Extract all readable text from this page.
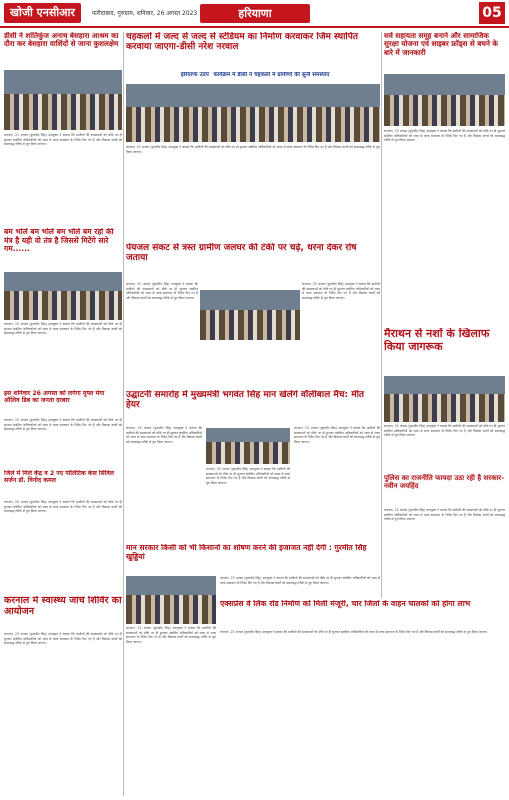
खोजी एनसीआर	फरीदाबाद, गुरुग्राम, शनिवार, 26 अगस्त 2023	हरियाणा	05
डीसी ने शांतिकुंज अनाथ बेसहारा आश्रम का दौरा कर बेसहारा वाशिंदों से जाना कुशलक्षेम
करनाल, 25 अगस्त (कुलदीप सिंह) उपायुक्त ने बताया कि ग्रामीणों की समस्याओं को मौके पर ही सुनकर संबंधित अधिकारियों को जल्द से जल्द समाधान के निर्देश दिए गए हैं और विकास कार्यों को समयबद्ध तरीके से पूरा किया जाएगा।
चहकलों में जल्द से जल्द से स्टेडियम का निर्माण करवाकर जिम स्थापित करवाया जाएगा-डीसी नरेश नरवाल
हरियाणा उदय` कार्यक्रम में डीसी ने चहकलों में ग्रामीणों की सुनी समस्याएं
करनाल, 25 अगस्त (कुलदीप सिंह) उपायुक्त ने बताया कि ग्रामीणों की समस्याओं को मौके पर ही सुनकर संबंधित अधिकारियों को जल्द से जल्द समाधान के निर्देश दिए गए हैं और विकास कार्यों को समयबद्ध तरीके से पूरा किया जाएगा।
सर्व सहायता समूह बनाने और सामाजिक सुरक्षा योजना एवं साइबर फ्रॉड्स से बचने के बारे में जानकारी
करनाल, 25 अगस्त (कुलदीप सिंह) उपायुक्त ने बताया कि ग्रामीणों की समस्याओं को मौके पर ही सुनकर संबंधित अधिकारियों को जल्द से जल्द समाधान के निर्देश दिए गए हैं और विकास कार्यों को समयबद्ध तरीके से पूरा किया जाएगा।
बम भोले बम भोले बम भोले बम रहो की मंत्र है यही वो तंत्र है जिससे मिटेंगे सारे गम......
करनाल, 25 अगस्त (कुलदीप सिंह) उपायुक्त ने बताया कि ग्रामीणों की समस्याओं को मौके पर ही सुनकर संबंधित अधिकारियों को जल्द से जल्द समाधान के निर्देश दिए गए हैं और विकास कार्यों को समयबद्ध तरीके से पूरा किया जाएगा।
पेयजल संकट से त्रस्त ग्रामीण जलघर की टंकी पर चढ़े, धरना देकर रोष जताया
करनाल, 25 अगस्त (कुलदीप सिंह) उपायुक्त ने बताया कि ग्रामीणों की समस्याओं को मौके पर ही सुनकर संबंधित अधिकारियों को जल्द से जल्द समाधान के निर्देश दिए गए हैं और विकास कार्यों को समयबद्ध तरीके से पूरा किया जाएगा।
करनाल, 25 अगस्त (कुलदीप सिंह) उपायुक्त ने बताया कि ग्रामीणों की समस्याओं को मौके पर ही सुनकर संबंधित अधिकारियों को जल्द से जल्द समाधान के निर्देश दिए गए हैं और विकास कार्यों को समयबद्ध तरीके से पूरा किया जाएगा।
मैराथन से नशों के खिलाफ किया जागरूक
करनाल, 25 अगस्त (कुलदीप सिंह) उपायुक्त ने बताया कि ग्रामीणों की समस्याओं को मौके पर ही सुनकर संबंधित अधिकारियों को जल्द से जल्द समाधान के निर्देश दिए गए हैं और विकास कार्यों को समयबद्ध तरीके से पूरा किया जाएगा।
इस शनिवार 26 अगस्त को लगेगा मुफ्त मेगा ऑलिव डिब का जनता दरबार
करनाल, 25 अगस्त (कुलदीप सिंह) उपायुक्त ने बताया कि ग्रामीणों की समस्याओं को मौके पर ही सुनकर संबंधित अधिकारियों को जल्द से जल्द समाधान के निर्देश दिए गए हैं और विकास कार्यों को समयबद्ध तरीके से पूरा किया जाएगा।
उद्घाटनी समारोह में मुख्यमंत्री भगवंत सिंह मान खेलेंगे वॉलीबाल मैच: मीत हेयर
करनाल, 25 अगस्त (कुलदीप सिंह) उपायुक्त ने बताया कि ग्रामीणों की समस्याओं को मौके पर ही सुनकर संबंधित अधिकारियों को जल्द से जल्द समाधान के निर्देश दिए गए हैं और विकास कार्यों को समयबद्ध तरीके से पूरा किया जाएगा।
करनाल, 25 अगस्त (कुलदीप सिंह) उपायुक्त ने बताया कि ग्रामीणों की समस्याओं को मौके पर ही सुनकर संबंधित अधिकारियों को जल्द से जल्द समाधान के निर्देश दिए गए हैं और विकास कार्यों को समयबद्ध तरीके से पूरा किया जाएगा।
करनाल, 25 अगस्त (कुलदीप सिंह) उपायुक्त ने बताया कि ग्रामीणों की समस्याओं को मौके पर ही सुनकर संबंधित अधिकारियों को जल्द से जल्द समाधान के निर्देश दिए गए हैं और विकास कार्यों को समयबद्ध तरीके से पूरा किया जाएगा।
पुलिस का राजनीति फायदा उठा रही है सरकार-नवीन जयहिंद
करनाल, 25 अगस्त (कुलदीप सिंह) उपायुक्त ने बताया कि ग्रामीणों की समस्याओं को मौके पर ही सुनकर संबंधित अधिकारियों को जल्द से जल्द समाधान के निर्देश दिए गए हैं और विकास कार्यों को समयबद्ध तरीके से पूरा किया जाएगा।
जिले में मिले केंद्र व 2 नए पोलिटिक केस सिविल सर्जन डॉ. विनोद कमल
करनाल, 25 अगस्त (कुलदीप सिंह) उपायुक्त ने बताया कि ग्रामीणों की समस्याओं को मौके पर ही सुनकर संबंधित अधिकारियों को जल्द से जल्द समाधान के निर्देश दिए गए हैं और विकास कार्यों को समयबद्ध तरीके से पूरा किया जाएगा।
करनाल में स्वास्थ्य जांच शिविर का आयोजन
करनाल, 25 अगस्त (कुलदीप सिंह) उपायुक्त ने बताया कि ग्रामीणों की समस्याओं को मौके पर ही सुनकर संबंधित अधिकारियों को जल्द से जल्द समाधान के निर्देश दिए गए हैं और विकास कार्यों को समयबद्ध तरीके से पूरा किया जाएगा।
मान सरकार किसी को भी किसानों का शोषण करने की इजाजत नहीं देगी : गुरमीत सिंह खुड्डियां
करनाल, 25 अगस्त (कुलदीप सिंह) उपायुक्त ने बताया कि ग्रामीणों की समस्याओं को मौके पर ही सुनकर संबंधित अधिकारियों को जल्द से जल्द समाधान के निर्देश दिए गए हैं और विकास कार्यों को समयबद्ध तरीके से पूरा किया जाएगा।
करनाल, 25 अगस्त (कुलदीप सिंह) उपायुक्त ने बताया कि ग्रामीणों की समस्याओं को मौके पर ही सुनकर संबंधित अधिकारियों को जल्द से जल्द समाधान के निर्देश दिए गए हैं और विकास कार्यों को समयबद्ध तरीके से पूरा किया जाएगा।
एक्सप्रेस वे लिंक रोड निर्माण को मिली मंजूरी, चार जिलों के वाहन चालकों को होगा लाभ
करनाल, 25 अगस्त (कुलदीप सिंह) उपायुक्त ने बताया कि ग्रामीणों की समस्याओं को मौके पर ही सुनकर संबंधित अधिकारियों को जल्द से जल्द समाधान के निर्देश दिए गए हैं और विकास कार्यों को समयबद्ध तरीके से पूरा किया जाएगा।
